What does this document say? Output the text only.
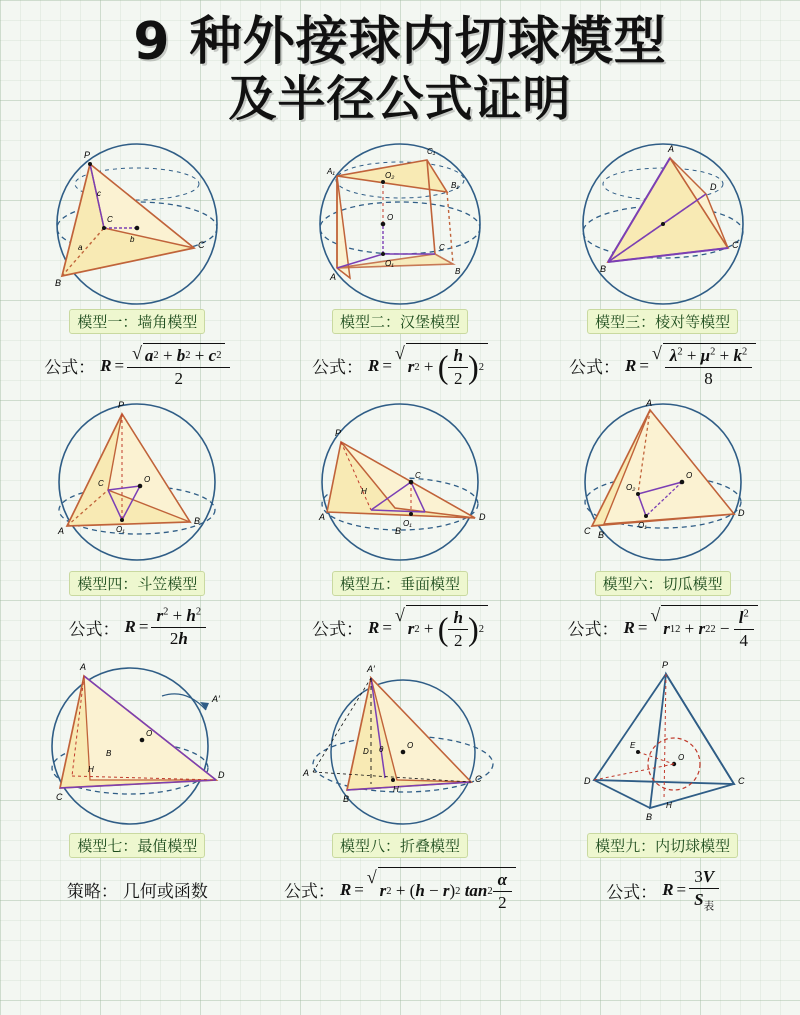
9 种外接球内切球模型
及半径公式证明
P
C
B
C
a
b
c
模型一：墙角模型
公式： $R = \frac{√ a 2 + b 2 + c 2}{2}$
A₁
C₁
B₁
O₂
O
O₁
A
C
B
模型二：汉堡模型
公式： R =
√
r 2 + ( $\frac{h}{2}$ ) 2
A
D
B
C
模型三：棱对等模型
公式： R =
√ $\frac{\lambda^2 + \mu^2 + k^2}{8}$
P
O
C
O₁
A
B
模型四：斗笠模型
公式： $R = \frac{r^2 + h^2}{2h}$
P
H
C
O₁
A
B
D
模型五：垂面模型
公式： R =
√
r 2 + ( $\frac{h}{2}$ ) 2
A
O
O₂
O₁
C B
D
模型六：切瓜模型
公式： R =
√
r 1 2 + r 2 $2 - \frac{l^2}{4}$
A
O
H
B
C
D
A′
模型七：最值模型
策略： 几何或函数
A′
O
D θ
H
A
B
C
模型八：折叠模型
公式： R =
√
r 2 + ( h − r ) 2
$\tan 2 \frac{\alpha}{2}$
P
O
E
D
B
H
C
模型九：内切球模型
公式： $R = \frac{3V}{S_表}$
